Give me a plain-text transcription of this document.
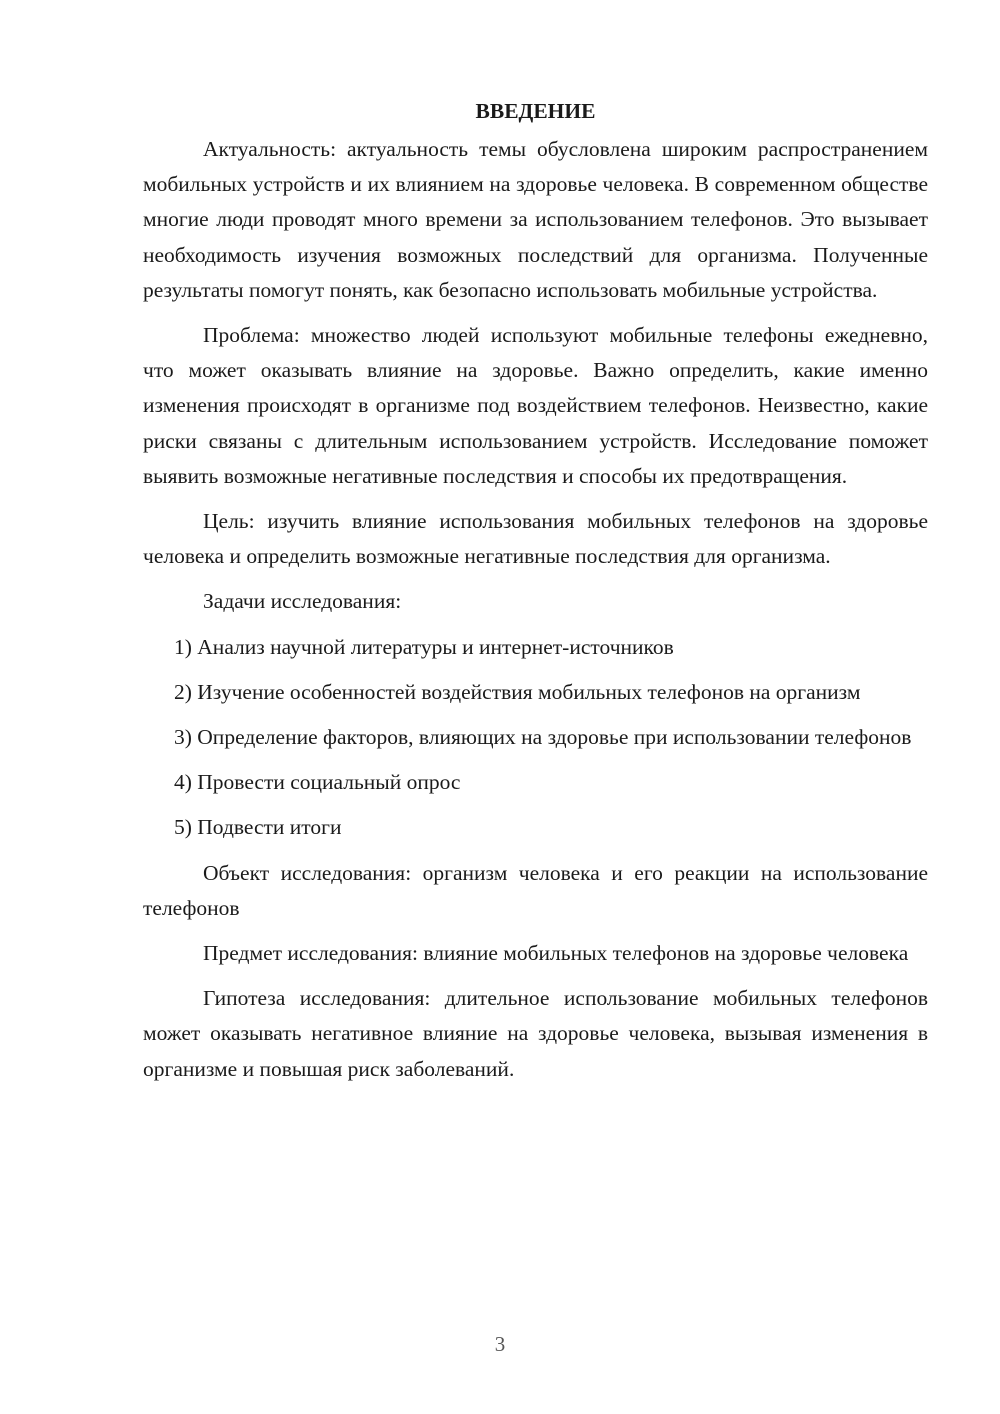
ВВЕДЕНИЕ

Актуальность: актуальность темы обусловлена широким распространением мобильных устройств и их влиянием на здоровье человека. В современном обществе многие люди проводят много времени за использованием телефонов. Это вызывает необходимость изучения возможных последствий для организма. Полученные результаты помогут понять, как безопасно использовать мобильные устройства.

Проблема: множество людей используют мобильные телефоны ежедневно, что может оказывать влияние на здоровье. Важно определить, какие именно изменения происходят в организме под воздействием телефонов. Неизвестно, какие риски связаны с длительным использованием устройств. Исследование поможет выявить возможные негативные последствия и способы их предотвращения.

Цель: изучить влияние использования мобильных телефонов на здоровье человека и определить возможные негативные последствия для организма.

Задачи исследования:

1) Анализ научной литературы и интернет-источников

2) Изучение особенностей воздействия мобильных телефонов на организм

3) Определение факторов, влияющих на здоровье при использовании телефонов

4) Провести социальный опрос

5) Подвести итоги

Объект исследования: организм человека и его реакции на использование телефонов

Предмет исследования: влияние мобильных телефонов на здоровье человека

Гипотеза исследования: длительное использование мобильных телефонов может оказывать негативное влияние на здоровье человека, вызывая изменения в организме и повышая риск заболеваний.

3
